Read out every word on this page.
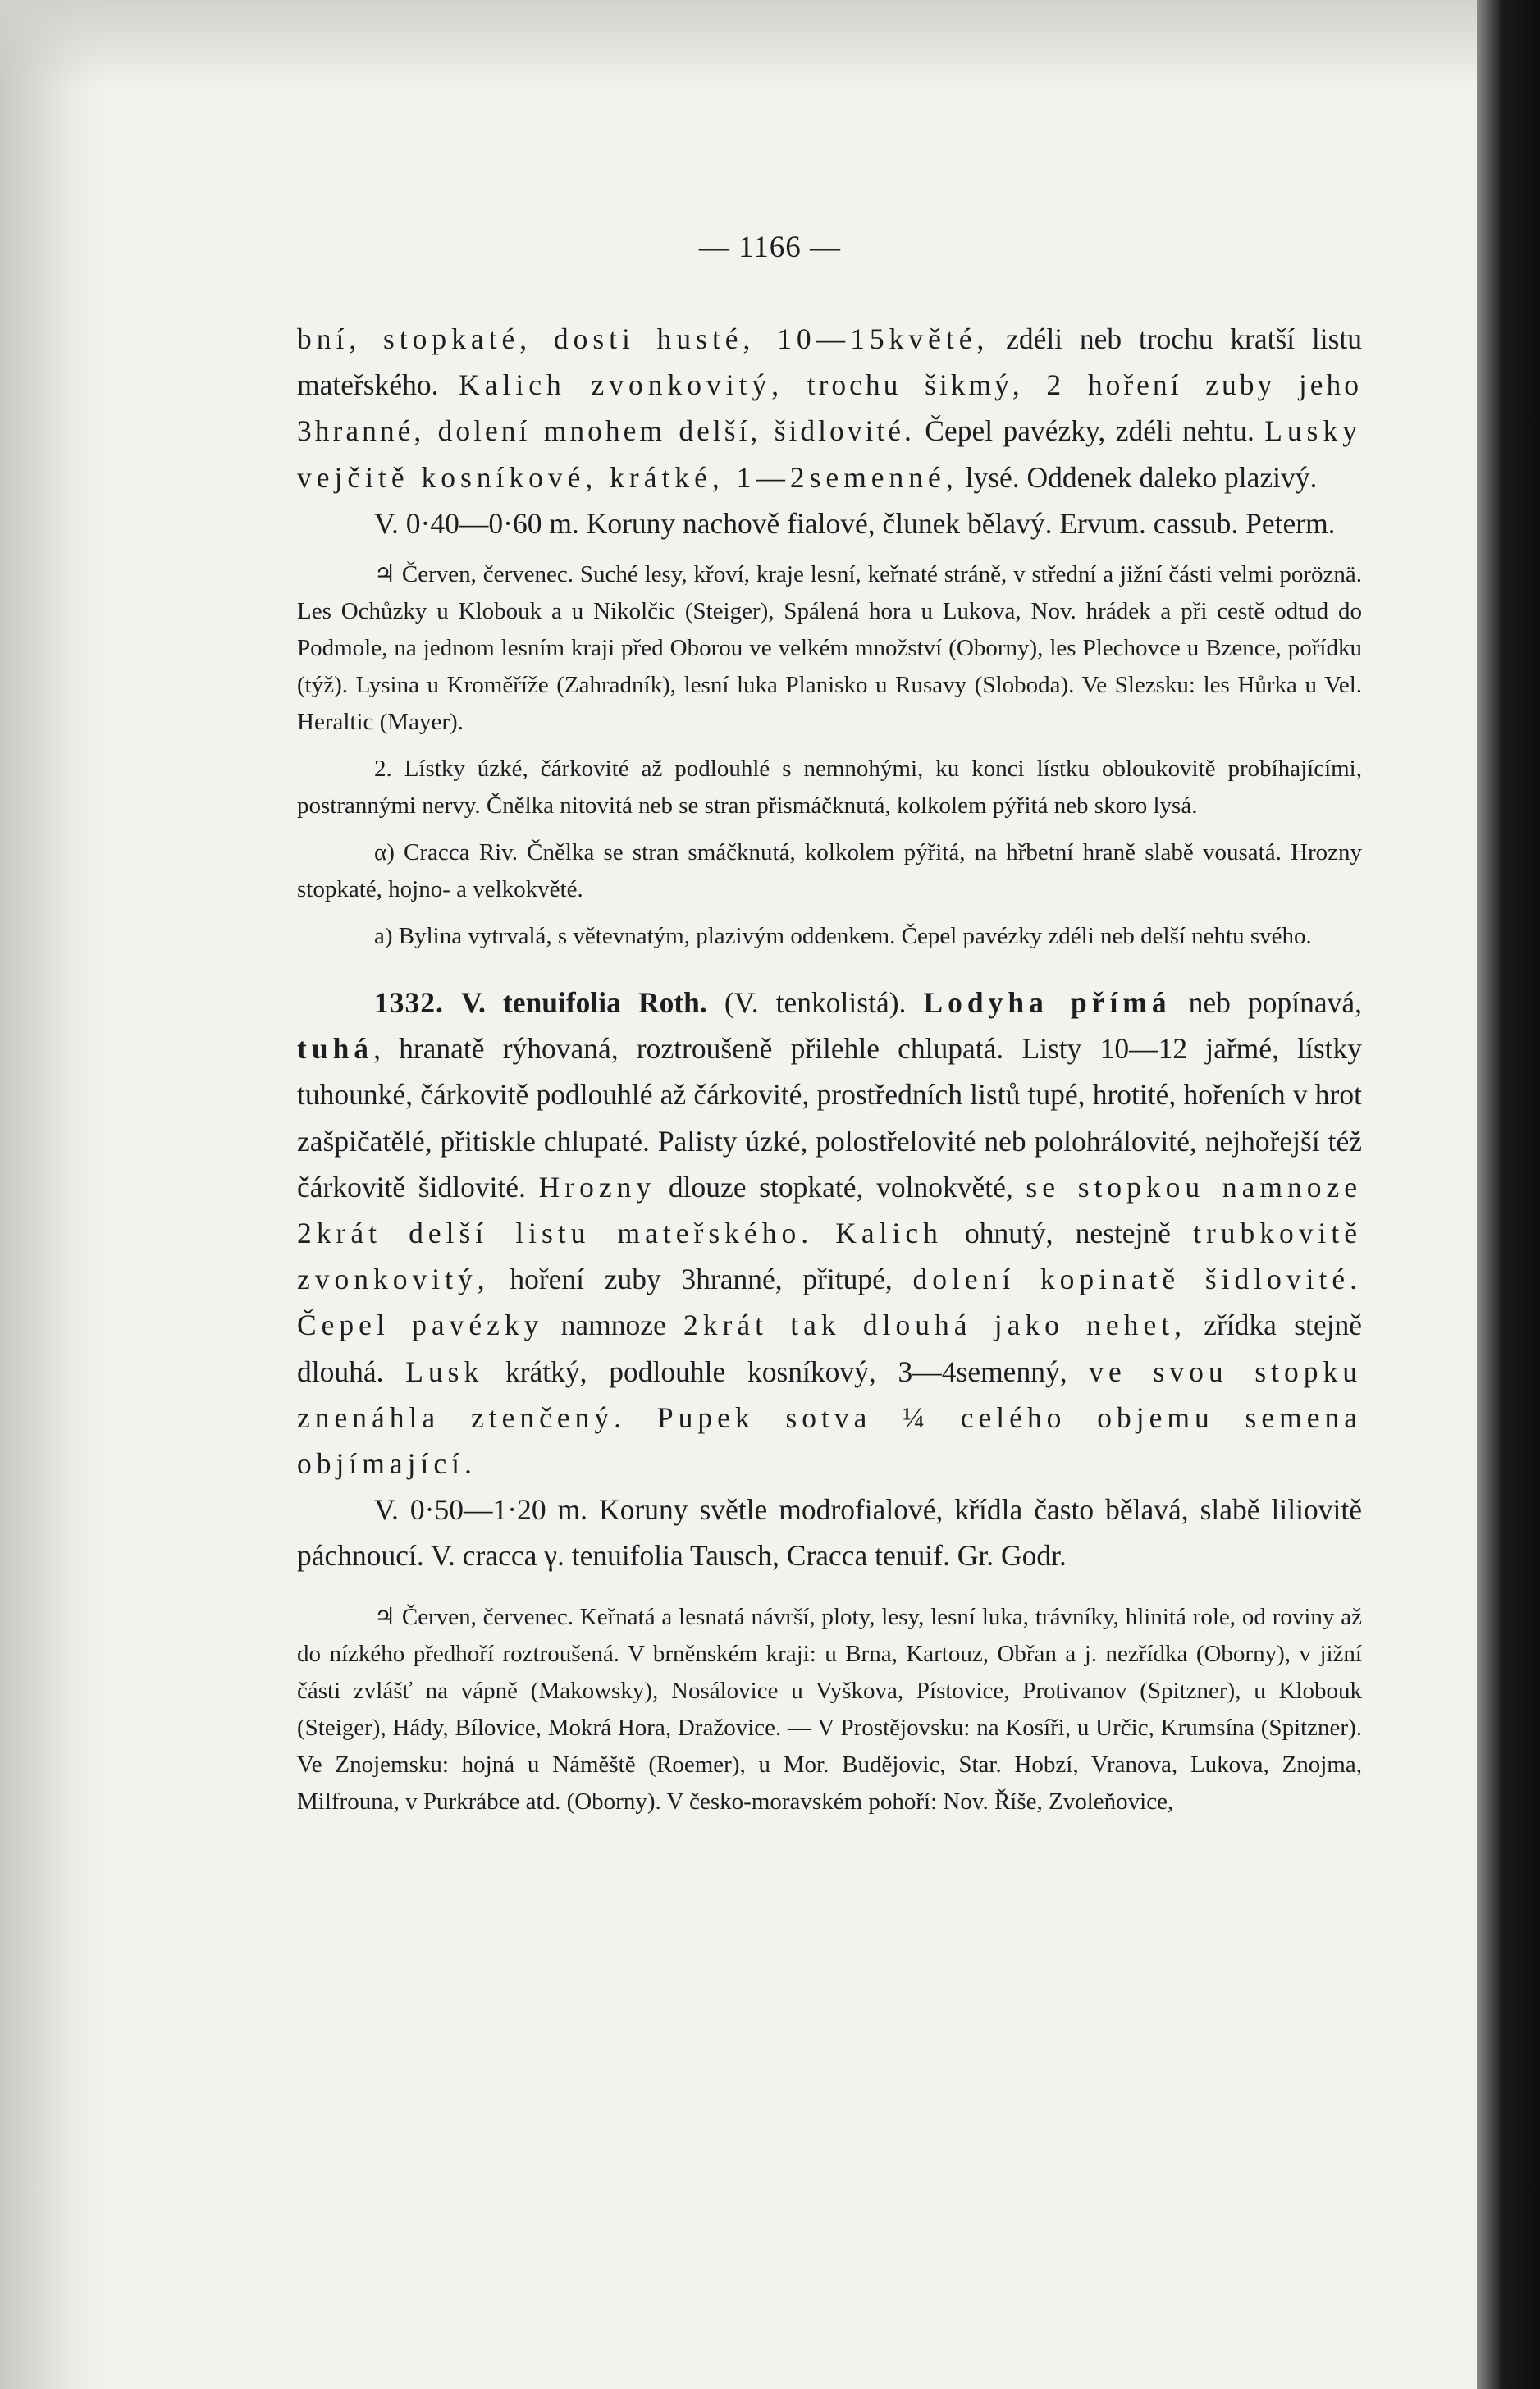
— 1166 —

bní, stopkaté, dosti husté, 10—15květé, zdéli neb trochu kratší listu mateřského. Kalich zvonkovitý, trochu šikmý, 2 hoření zuby jeho 3hranné, dolení mnohem delší, šidlovité. Čepel pavézky, zdéli nehtu. Lusky vejčitě kosníkové, krátké, 1—2semenné, lysé. Oddenek daleko plazivý.

V. 0·40—0·60 m. Koruny nachově fialové, člunek bělavý. Ervum. cassub. Peterm.

♃ Červen, červenec. Suché lesy, křoví, kraje lesní, keřnaté stráně, v střední a jižní části velmi poröznä. Les Ochůzky u Klobouk a u Nikolčic (Steiger), Spálená hora u Lukova, Nov. hrádek a při cestě odtud do Podmole, na jednom lesním kraji před Oborou ve velkém množství (Oborny), les Plechovce u Bzence, pořídku (týž). Lysina u Kroměříže (Zahradník), lesní luka Planisko u Rusavy (Sloboda). Ve Slezsku: les Hůrka u Vel. Heraltic (Mayer).

2. Lístky úzké, čárkovité až podlouhlé s nemnohými, ku konci lístku obloukovitě probíhajícími, postrannými nervy. Čnělka nitovitá neb se stran přismáčknutá, kolkolem pýřitá neb skoro lysá.

α) Cracca Riv. Čnělka se stran smáčknutá, kolkolem pýřitá, na hřbetní hraně slabě vousatá. Hrozny stopkaté, hojno- a velkokvěté.

a) Bylina vytrvalá, s větevnatým, plazivým oddenkem. Čepel pavézky zdéli neb delší nehtu svého.

1332. V. tenuifolia Roth. (V. tenkolistá). Lodyha přímá neb popínavá, tuhá, hranatě rýhovaná, roztroušeně přilehle chlupatá. Listy 10—12 jařmé, lístky tuhounké, čárkovitě podlouhlé až čárkovité, prostředních listů tupé, hrotité, hořeních v hrot zašpičatělé, přitiskle chlupaté. Palisty úzké, polostřelovité neb polohrálovité, nejhořejší též čárkovitě šidlovité. Hrozny dlouze stopkaté, volnokvěté, se stopkou namnoze 2krát delší listu mateřského. Kalich ohnutý, nestejně trubkovitě zvonkovitý, hoření zuby 3hranné, přitupé, dolení kopinatě šidlovité. Čepel pavézky namnoze 2krát tak dlouhá jako nehet, zřídka stejně dlouhá. Lusk krátký, podlouhle kosníkový, 3—4semenný, ve svou stopku znenáhla ztenčený. Pupek sotva ¼ celého objemu semena objímající.

V. 0·50—1·20 m. Koruny světle modrofialové, křídla často bělavá, slabě liliovitě páchnoucí. V. cracca γ. tenuifolia Tausch, Cracca tenuif. Gr. Godr.

♃ Červen, červenec. Keřnatá a lesnatá návrší, ploty, lesy, lesní luka, trávníky, hlinitá role, od roviny až do nízkého předhoří roztroušená. V brněnském kraji: u Brna, Kartouz, Obřan a j. nezřídka (Oborny), v jižní části zvlášť na vápně (Makowsky), Nosálovice u Vyškova, Pístovice, Protivanov (Spitzner), u Klobouk (Steiger), Hády, Bílovice, Mokrá Hora, Dražovice. — V Prostějovsku: na Kosíři, u Určic, Krumsína (Spitzner). Ve Znojemsku: hojná u Náměště (Roemer), u Mor. Budějovic, Star. Hobzí, Vranova, Lukova, Znojma, Milfrouna, v Purkrábce atd. (Oborny). V česko-moravském pohoří: Nov. Říše, Zvoleňovice,
